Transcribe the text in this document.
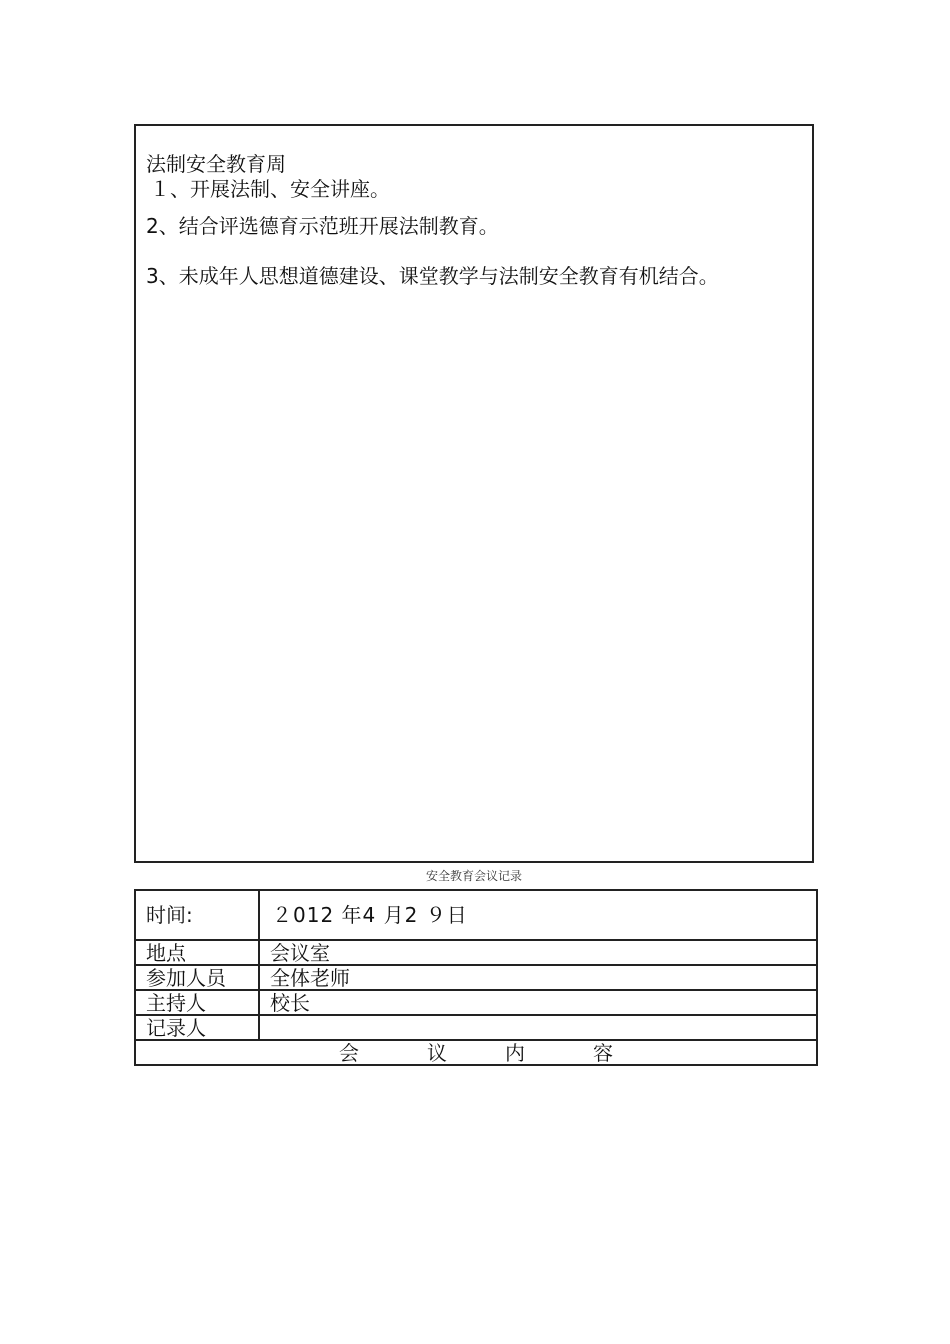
法制安全教育周
１、开展法制、安全讲座。
2、结合评选德育示范班开展法制教育。
3、未成年人思想道德建设、课堂教学与法制安全教育有机结合。
安全教育会议记录
时间:	２012 年4 月2 ９日
地点	会议室
参加人员	全体老师
主持人	校长
记录人	
会 议 内 容	
